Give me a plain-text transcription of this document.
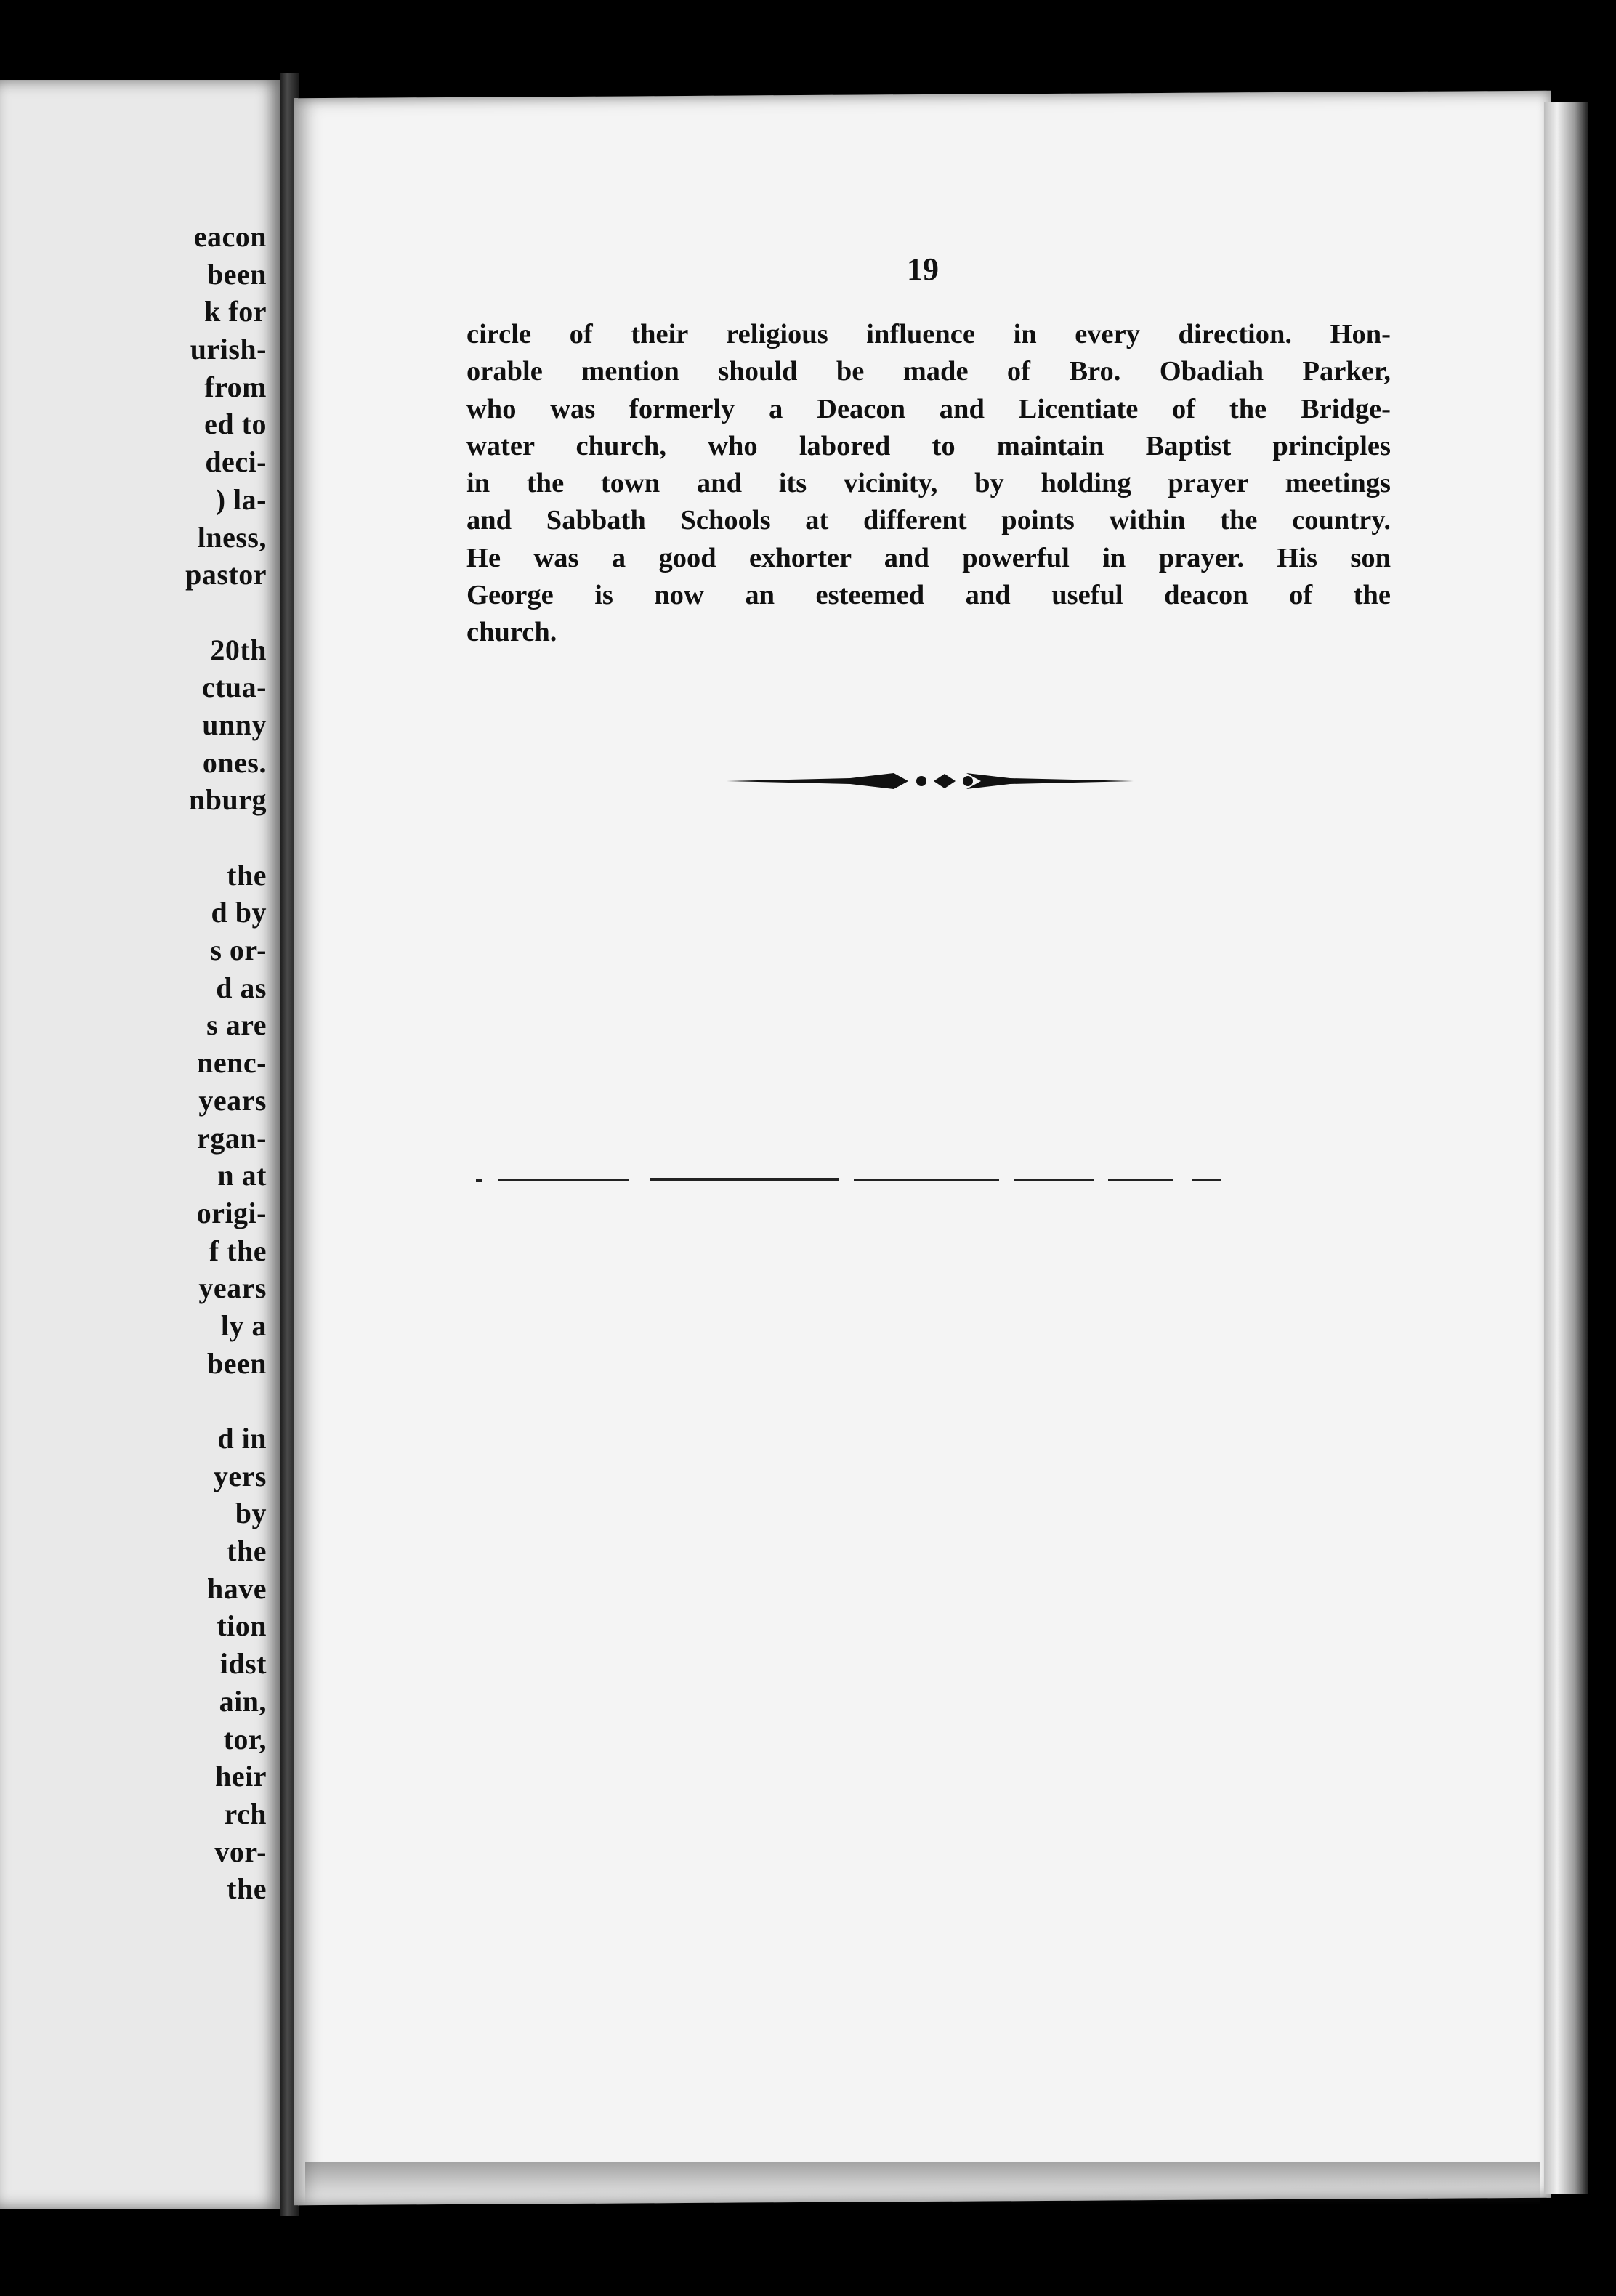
eacon
been
k for
urish-
from
ed to
deci-
) la-
lness,
pastor

20th
ctua-
unny
ones.
nburg

the
d by
s or-
d as
s are
nenc-
years
rgan-
n at
origi-
f the
years
ly a
been

d in
yers
by
the
have
tion
idst
ain,
tor,
heir
rch
vor-
the

19
circle of their religious influence in every direction. Hon-
orable mention should be made of Bro. Obadiah Parker,
who was formerly a Deacon and Licentiate of the Bridge-
water church, who labored to maintain Baptist principles
in the town and its vicinity, by holding prayer meetings
and Sabbath Schools at different points within the country.
He was a good exhorter and powerful in prayer. His son
George is now an esteemed and useful deacon of the
church.
